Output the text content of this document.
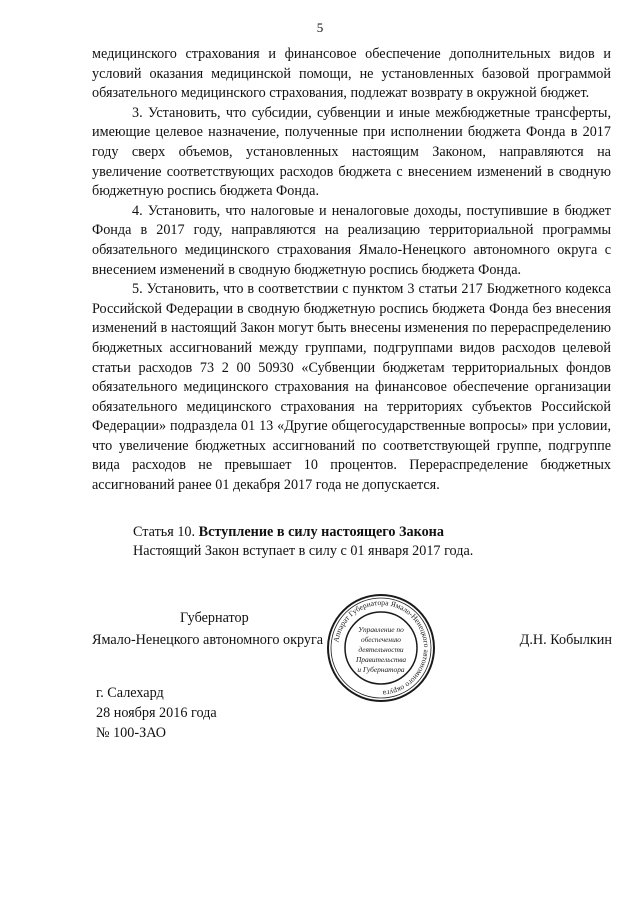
5

медицинского страхования и финансовое обеспечение дополнительных видов и условий оказания медицинской помощи, не установленных базовой программой обязательного медицинского страхования, подлежат возврату в окружной бюджет.

3. Установить, что субсидии, субвенции и иные межбюджетные трансферты, имеющие целевое назначение, полученные при исполнении бюджета Фонда в 2017 году сверх объемов, установленных настоящим Законом, направляются на увеличение соответствующих расходов бюджета с внесением изменений в сводную бюджетную роспись бюджета Фонда.

4. Установить, что налоговые и неналоговые доходы, поступившие в бюджет Фонда в 2017 году, направляются на реализацию территориальной программы обязательного медицинского страхования Ямало-Ненецкого автономного округа с внесением изменений в сводную бюджетную роспись бюджета Фонда.

5. Установить, что в соответствии с пунктом 3 статьи 217 Бюджетного кодекса Российской Федерации в сводную бюджетную роспись бюджета Фонда без внесения изменений в настоящий Закон могут быть внесены изменения по перераспределению бюджетных ассигнований между группами, подгруппами видов расходов целевой статьи расходов 73 2 00 50930 «Субвенции бюджетам территориальных фондов обязательного медицинского страхования на финансовое обеспечение организации обязательного медицинского страхования на территориях субъектов Российской Федерации» подраздела 01 13 «Другие общегосударственные вопросы» при условии, что увеличение бюджетных ассигнований по соответствующей группе, подгруппе вида расходов не превышает 10 процентов. Перераспределение бюджетных ассигнований ранее 01 декабря 2017 года не допускается.

Статья 10. Вступление в силу настоящего Закона

Настоящий Закон вступает в силу с 01 января 2017 года.

Губернатор
Ямало-Ненецкого автономного округа	Д.Н. Кобылкин
Аппарат Губернатора Ямало-Ненецкого автономного округа
Управление по
обеспечению
деятельности
Правительства
и Губернатора

г. Салехард

28 ноября 2016 года

№ 100-ЗАО
